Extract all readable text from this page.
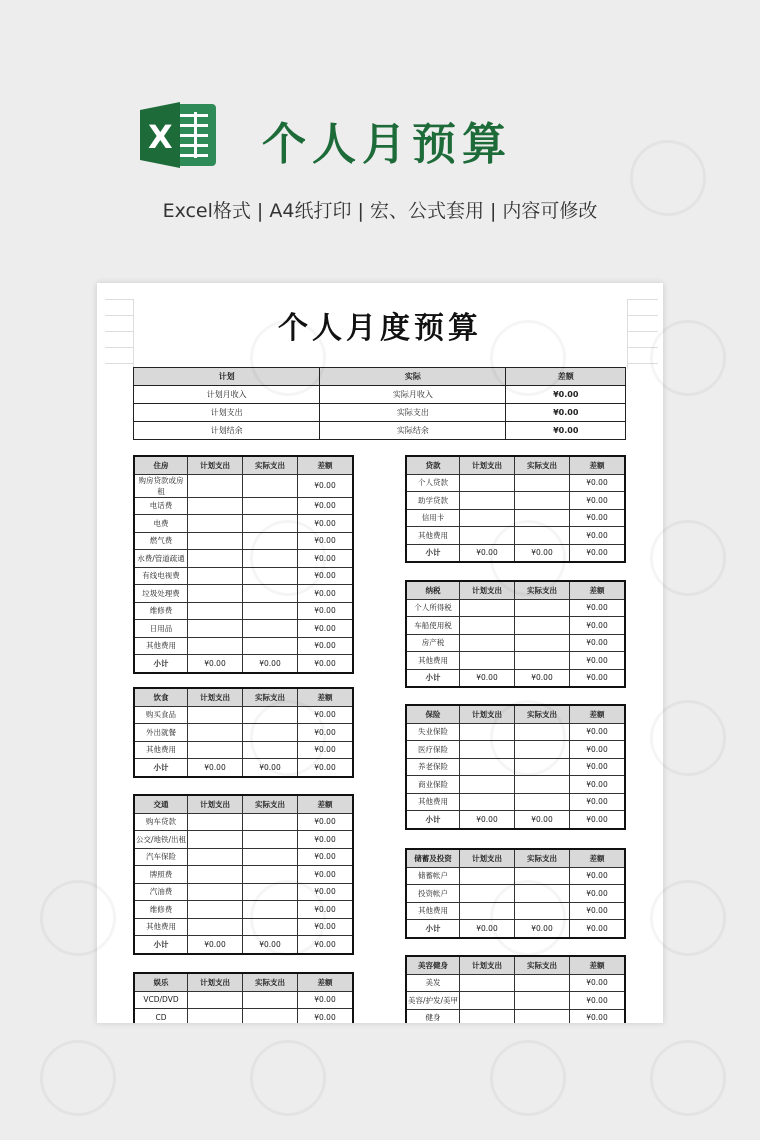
X 个人月预算
Excel格式 | A4纸打印 | 宏、公式套用 | 内容可修改
个人月度预算
计划	实际	差额
计划月收入	实际月收入	¥0.00
计划支出	实际支出	¥0.00
计划结余	实际结余	¥0.00
住房	计划支出	实际支出	差额
购房贷款或房租			¥0.00
电话费			¥0.00
电费			¥0.00
燃气费			¥0.00
水费/管道疏通			¥0.00
有线电视费			¥0.00
垃圾处理费			¥0.00
维修费			¥0.00
日用品			¥0.00
其他费用			¥0.00
小计	¥0.00	¥0.00	¥0.00
饮食	计划支出	实际支出	差额
购买食品			¥0.00
外出就餐			¥0.00
其他费用			¥0.00
小计	¥0.00	¥0.00	¥0.00
交通	计划支出	实际支出	差额
购车贷款			¥0.00
公交/地铁/出租			¥0.00
汽车保险			¥0.00
牌照费			¥0.00
汽油费			¥0.00
维修费			¥0.00
其他费用			¥0.00
小计	¥0.00	¥0.00	¥0.00
娱乐	计划支出	实际支出	差额
VCD/DVD			¥0.00
CD			¥0.00
贷款	计划支出	实际支出	差额
个人贷款			¥0.00
助学贷款			¥0.00
信用卡			¥0.00
其他费用			¥0.00
小计	¥0.00	¥0.00	¥0.00
纳税	计划支出	实际支出	差额
个人所得税			¥0.00
车船使用税			¥0.00
房产税			¥0.00
其他费用			¥0.00
小计	¥0.00	¥0.00	¥0.00
保险	计划支出	实际支出	差额
失业保险			¥0.00
医疗保险			¥0.00
养老保险			¥0.00
商业保险			¥0.00
其他费用			¥0.00
小计	¥0.00	¥0.00	¥0.00
储蓄及投资	计划支出	实际支出	差额
储蓄帐户			¥0.00
投资帐户			¥0.00
其他费用			¥0.00
小计	¥0.00	¥0.00	¥0.00
美容健身	计划支出	实际支出	差额
美发			¥0.00
美容/护发/美甲			¥0.00
健身			¥0.00
